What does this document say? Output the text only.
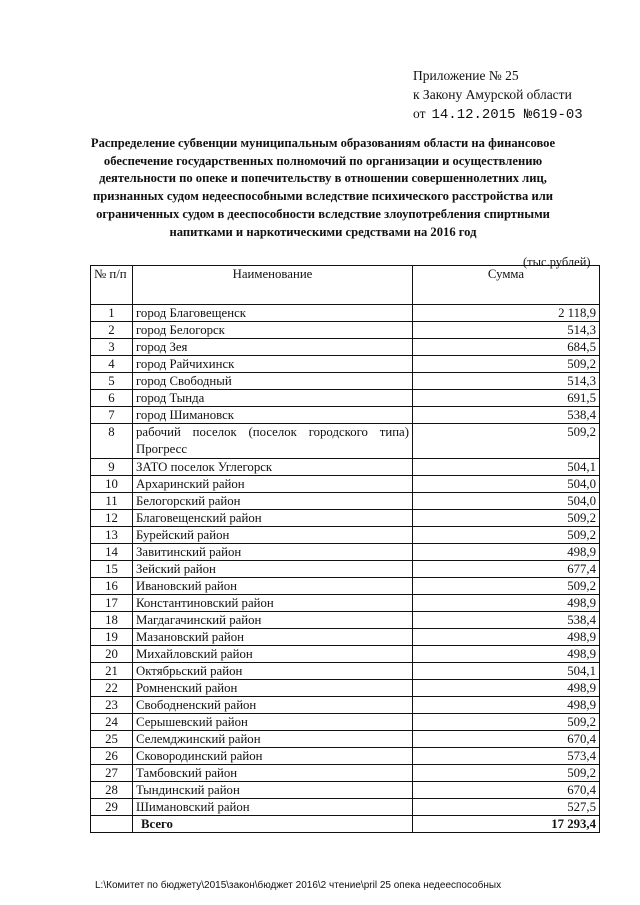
Приложение № 25
к Закону Амурской области
от 14.12.2015 №619-03
Распределение субвенции муниципальным образованиям области на финансовое обеспечение государственных полномочий по организации и осуществлению деятельности по опеке и попечительству в отношении совершеннолетних лиц, признанных судом недееспособными вследствие психического расстройства или ограниченных судом в дееспособности вследствие злоупотребления спиртными напитками и наркотическими средствами на 2016 год
(тыс.рублей)
№ п/п	Наименование	Сумма
1	город Благовещенск	2 118,9
2	город Белогорск	514,3
3	город Зея	684,5
4	город Райчихинск	509,2
5	город Свободный	514,3
6	город Тында	691,5
7	город Шимановск	538,4
8	рабочий поселок (поселок городского типа) Прогресс	509,2
9	ЗАТО поселок Углегорск	504,1
10	Архаринский район	504,0
11	Белогорский район	504,0
12	Благовещенский район	509,2
13	Бурейский район	509,2
14	Завитинский район	498,9
15	Зейский район	677,4
16	Ивановский район	509,2
17	Константиновский район	498,9
18	Магдагачинский район	538,4
19	Мазановский район	498,9
20	Михайловский район	498,9
21	Октябрьский район	504,1
22	Ромненский район	498,9
23	Свободненский район	498,9
24	Серышевский район	509,2
25	Селемджинский район	670,4
26	Сковородинский район	573,4
27	Тамбовский район	509,2
28	Тындинский район	670,4
29	Шимановский район	527,5
	Всего	17 293,4
L:\Комитет по бюджету\2015\закон\бюджет 2016\2 чтение\pril 25 опека недееспособных
